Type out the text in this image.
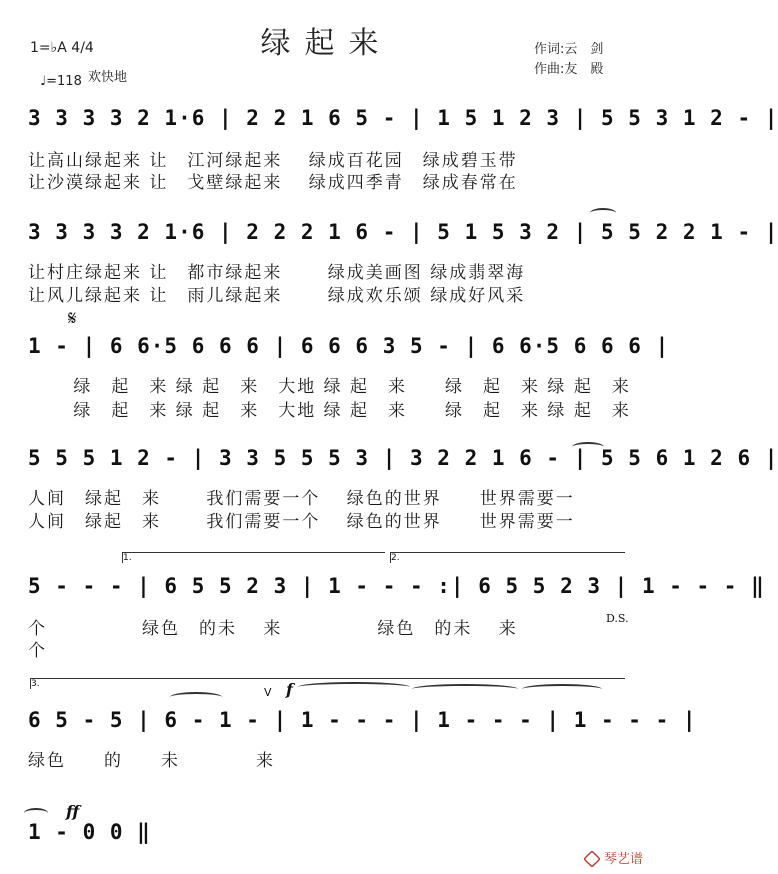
绿起来
1=♭A 4/4
♩=118 欢快地
作词:云　剑
作曲:友　殿
3 3 3 3 2 1·6 | 2 2 1 6 5 - | 1 5 1 2 3 | 5 5 3 1 2 - |
让高山绿起来 让　江河绿起来　 绿成百花园　绿成碧玉带
让沙漠绿起来 让　戈壁绿起来　 绿成四季青　绿成春常在
3 3 3 3 2 1·6 | 2 2 2 1 6 - | 5 1 5 3 2 | 5 5 2 2 1 - |
让村庄绿起来 让　都市绿起来　　 绿成美画图 绿成翡翠海
让风儿绿起来 让　雨儿绿起来　　 绿成欢乐颂 绿成好风采
𝄋
1 - | 6 6·5 6 6 6 | 6 6 6 3 5 - | 6 6·5 6 6 6 |
　　 绿　起　来 绿 起　来　大地 绿 起　来　　绿　起　来 绿 起　来
　　 绿　起　来 绿 起　来　大地 绿 起　来　　绿　起　来 绿 起　来
5 5 5 1 2 - | 3 3 5 5 5 3 | 3 2 2 1 6 - | 5 5 6 1 2 6 |
人间　绿起　来　　 我们需要一个　 绿色的世界　　世界需要一
人间　绿起　来　　 我们需要一个　 绿色的世界　　世界需要一
1.	2.
5 - - - | 6 5 5 2 3 | 1 - - - :| 6 5 5 2 3 | 1 - - - ‖
个　　　　　绿色　的未　 来　　　　　绿色　的未　 来
个
D.S.
3.
V f
6 5 - 5 | 6 - 1 - | 1 - - - | 1 - - - | 1 - - - |
绿色　　的　　未　　　　来
ff
1 - 0 0 ‖
琴艺谱
